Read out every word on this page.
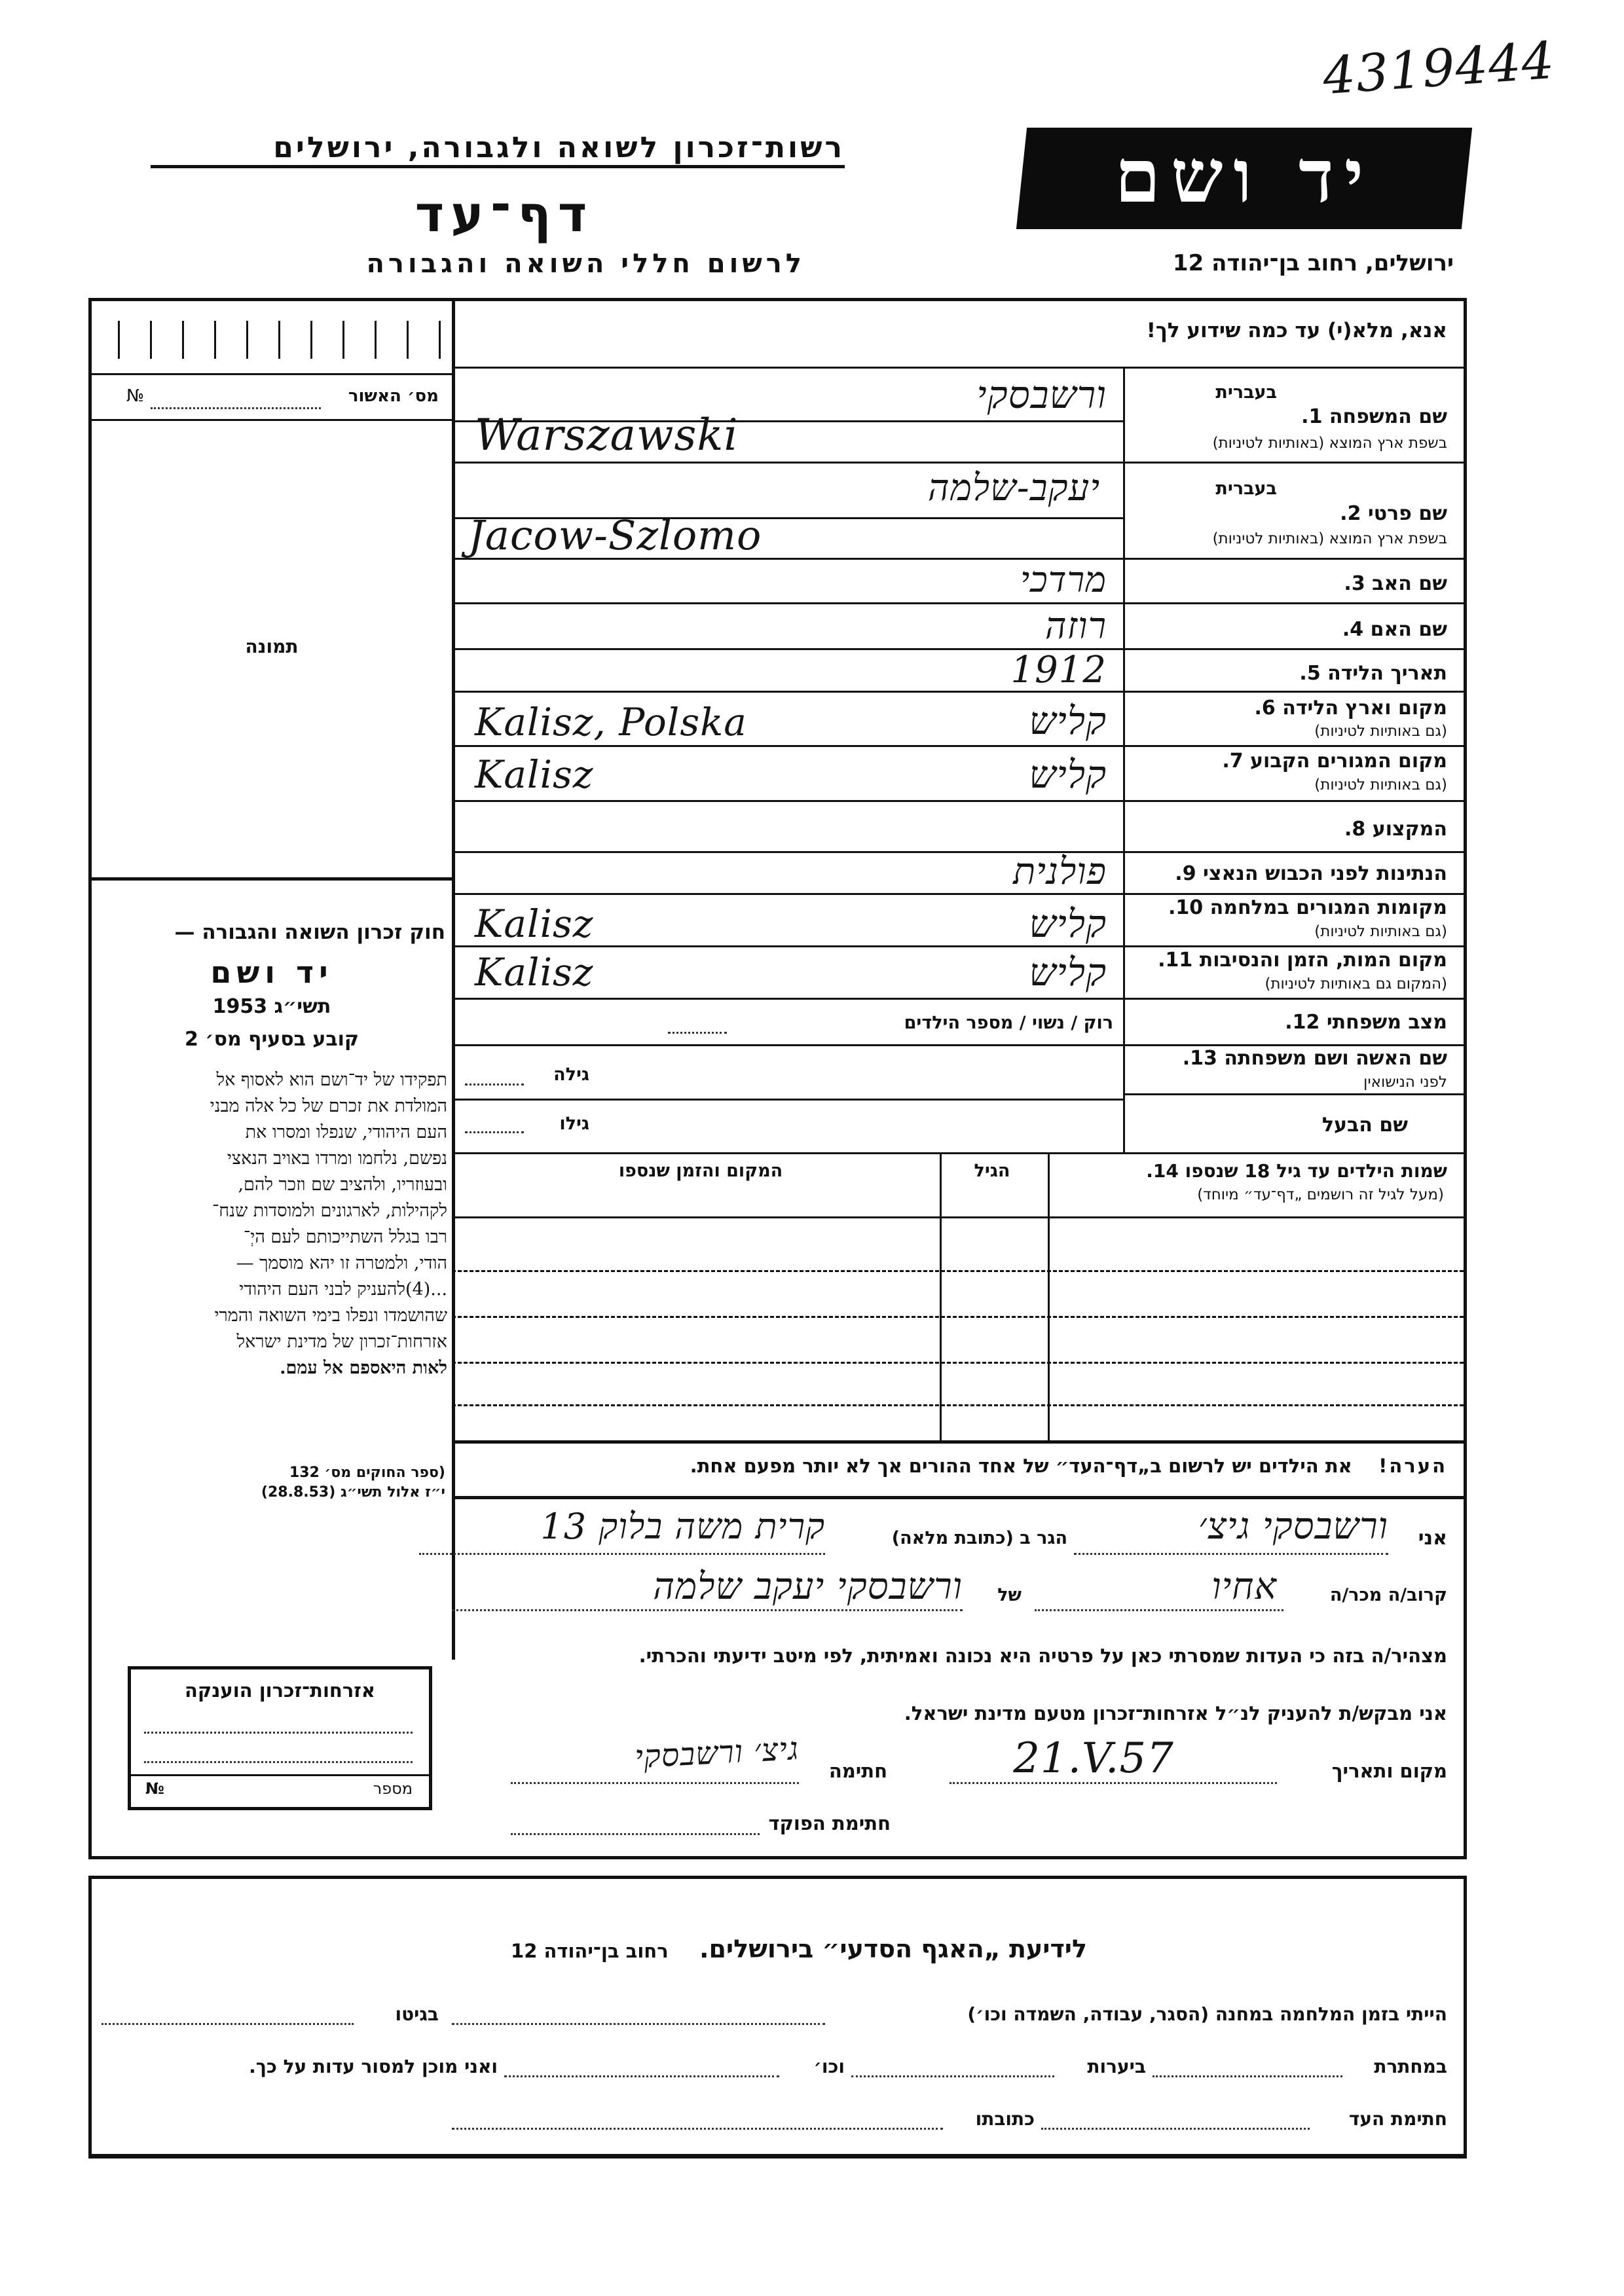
4319444
רשות־זכרון לשואה ולגבורה, ירושלים
דף־עד
לרשום חללי השואה והגבורה
יד ושם
ירושלים, רחוב בן־יהודה 12
מס׳ האשור
№
תמונה
חוק זכרון השואה והגבורה —
יד ושם
תשי״ג 1953
קובע בסעיף מס׳ 2

תפקידו של יד־ושם הוא לאסוף אל

המולדת את זכרם של כל אלה מבני

העם היהודי, שנפלו ומסרו את

נפשם, נלחמו ומרדו באויב הנאצי

ובעוזריו, ולהציב שם וזכר להם,

לקהילות, לארגונים ולמוסדות שנח־

רבו בגלל השתייכותם לעם היְ־

הודי, ולמטרה זו יהא מוסמך —

...(4)להעניק לבני העם היהודי

שהושמדו ונפלו בימי השואה והמרי

אזרחות־זכרון של מדינת ישראל

לאות היאספם אל עמם.

(ספר החוקים מס׳ 132
י״ז אלול תשי״ג (28.8.53)
אזרחות־זכרון הוענקה
מספר
№
אנא, מלא(י) עד כמה שידוע לך!
בעברית
שם המשפחה 1.
בשפת ארץ המוצא (באותיות לטיניות)
ורשבסקי
Warszawski
בעברית
שם פרטי 2.
בשפת ארץ המוצא (באותיות לטיניות)
יעקב-שלמה
Jacow-Szlomo
שם האב 3.
מרדכי
שם האם 4.
רוזה
תאריך הלידה 5.
1912
מקום וארץ הלידה 6.
(גם באותיות לטיניות)
קליש
Kalisz, Polska
מקום המגורים הקבוע 7.
(גם באותיות לטיניות)
קליש
Kalisz
המקצוע 8.
הנתינות לפני הכבוש הנאצי 9.
פולנית
מקומות המגורים במלחמה 10.
(גם באותיות לטיניות)
קליש
Kalisz
מקום המות, הזמן והנסיבות 11.
(המקום גם באותיות לטיניות)
קליש
Kalisz
מצב משפחתי 12.
רוק / נשוי / מספר הילדים
שם האשה ושם משפחתה 13.
לפני הנישואין
גילה
שם הבעל
גילו
שמות הילדים עד גיל 18 שנספו 14.
(מעל לגיל זה רושמים „דף־עד״ מיוחד)
הגיל
המקום והזמן שנספו
הערה!    את הילדים יש לרשום ב„דף־העד״ של אחד ההורים אך לא יותר מפעם אחת.
אני
ורשבסקי גיצ׳
הגר ב (כתובת מלאה)
קרית משה בלוק 13
קרוב/ה מכר/ה
אחיו
של
ורשבסקי יעקב שלמה
מצהיר/ה בזה כי העדות שמסרתי כאן על פרטיה היא נכונה ואמיתית, לפי מיטב ידיעתי והכרתי.
אני מבקש/ת להעניק לנ״ל אזרחות־זכרון מטעם מדינת ישראל.
מקום ותאריך
21.V.57
חתימה
גיצ׳ ורשבסקי
חתימת הפוקד
לידיעת „האגף הסדעי״ בירושלים.    רחוב בן־יהודה 12
הייתי בזמן המלחמה במחנה (הסגר, עבודה, השמדה וכו׳)
בגיטו
במחתרת
ביערות
וכו׳
ואני מוכן למסור עדות על כך.
חתימת העד
כתובתו
